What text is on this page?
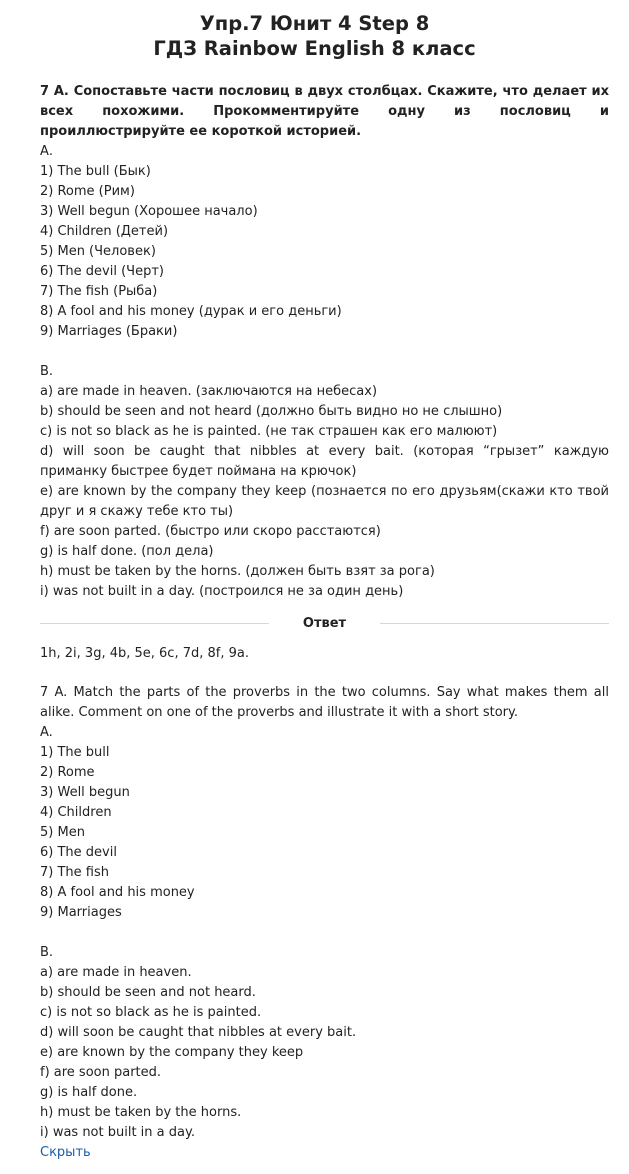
Упр.7 Юнит 4 Step 8
ГДЗ Rainbow English 8 класс
7 А. Сопоставьте части пословиц в двух столбцах. Скажите, что делает их всех похожими. Прокомментируйте одну из пословиц и проиллюстрируйте ее короткой историей.
А.
1) The bull (Бык)
2) Rome (Рим)
3) Well begun (Хорошее начало)
4) Children (Детей)
5) Men (Человек)
6) The devil (Черт)
7) The fish (Рыба)
8) A fool and his money (дурак и его деньги)
9) Marriages (Браки)
B.
a) are made in heaven. (заключаются на небесах)
b) should be seen and not heard (должно быть видно но не слышно)
c) is not so black as he is painted. (не так страшен как его малюют)
d) will soon be caught that nibbles at every bait. (которая “грызет” каждую приманку быстрее будет поймана на крючок)
e) are known by the company they keep (познается по его друзьям(скажи кто твой друг и я скажу тебе кто ты)
f) are soon parted. (быстро или скоро расстаются)
g) is half done. (пол дела)
h) must be taken by the horns. (должен быть взят за рога)
i) was not built in a day. (построился не за один день)
Ответ
1h, 2i, 3g, 4b, 5e, 6c, 7d, 8f, 9a.
7 A. Match the parts of the proverbs in the two columns. Say what makes them all alike. Comment on one of the proverbs and illustrate it with a short story.
A.
1) The bull
2) Rome
3) Well begun
4) Children
5) Men
6) The devil
7) The fish
8) A fool and his money
9) Marriages
B.
a) are made in heaven.
b) should be seen and not heard.
c) is not so black as he is painted.
d) will soon be caught that nibbles at every bait.
e) are known by the company they keep
f) are soon parted.
g) is half done.
h) must be taken by the horns.
i) was not built in a day.
Скрыть
